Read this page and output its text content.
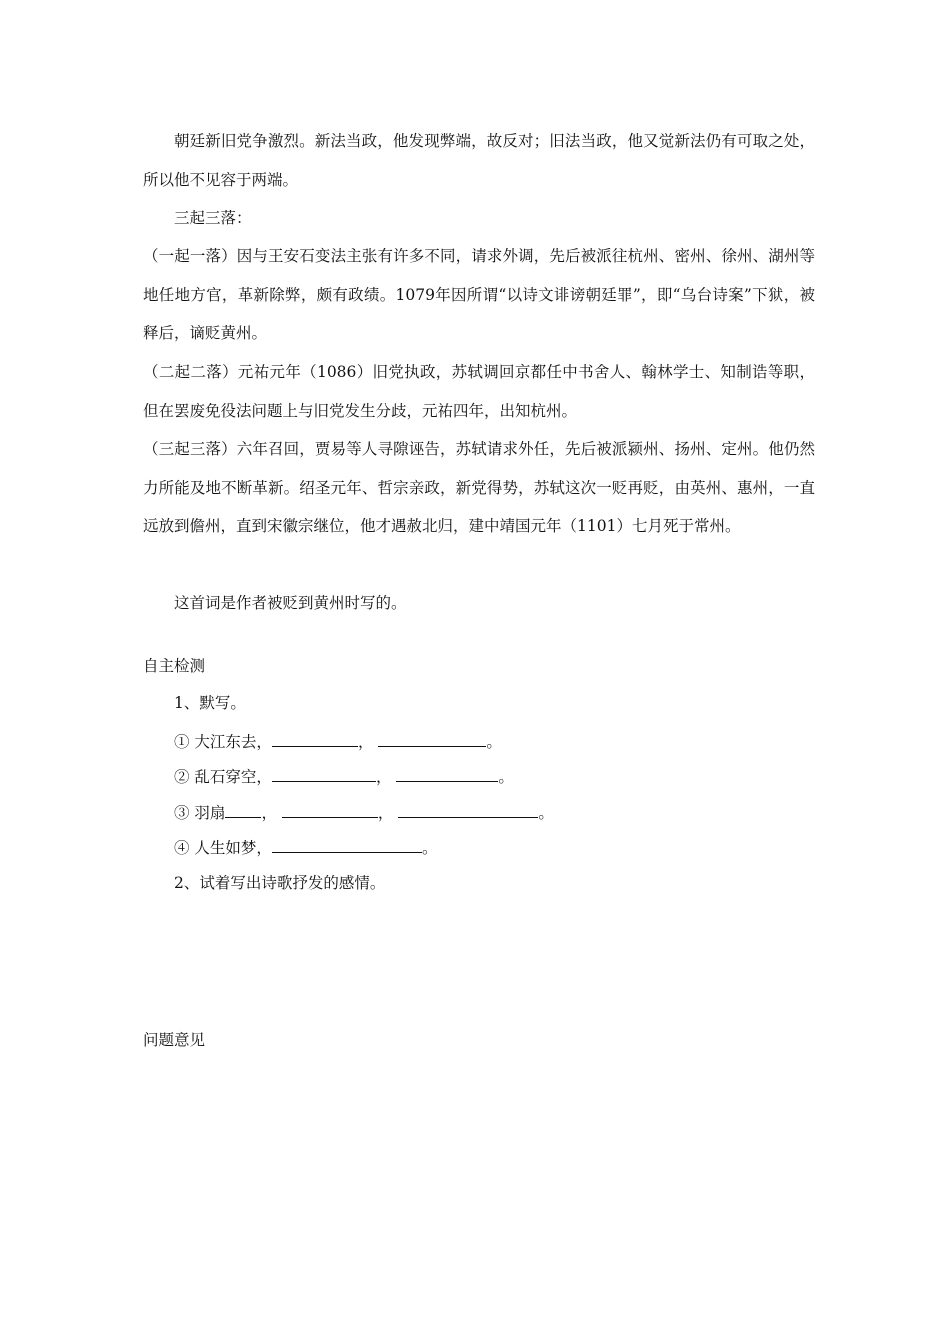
朝廷新旧党争激烈。新法当政，他发现弊端，故反对；旧法当政，他又觉新法仍有可取之处，所以他不见容于两端。

三起三落：

（一起一落）因与王安石变法主张有许多不同，请求外调，先后被派往杭州、密州、徐州、湖州等地任地方官，革新除弊，颇有政绩。1079年因所谓“以诗文诽谤朝廷罪”，即“乌台诗案”下狱，被释后，谪贬黄州。

（二起二落）元祐元年（1086）旧党执政，苏轼调回京都任中书舍人、翰林学士、知制诰等职，但在罢废免役法问题上与旧党发生分歧，元祐四年，出知杭州。

（三起三落）六年召回，贾易等人寻隙诬告，苏轼请求外任，先后被派颍州、扬州、定州。他仍然力所能及地不断革新。绍圣元年、哲宗亲政，新党得势，苏轼这次一贬再贬，由英州、惠州，一直远放到儋州，直到宋徽宗继位，他才遇赦北归，建中靖国元年（1101）七月死于常州。

这首词是作者被贬到黄州时写的。

自主检测

1、默写。

① 大江东去，	，	。

② 乱石穿空，	，	。

③ 羽扇 ，	，	。

④ 人生如梦，	。

2、试着写出诗歌抒发的感情。

问题意见
